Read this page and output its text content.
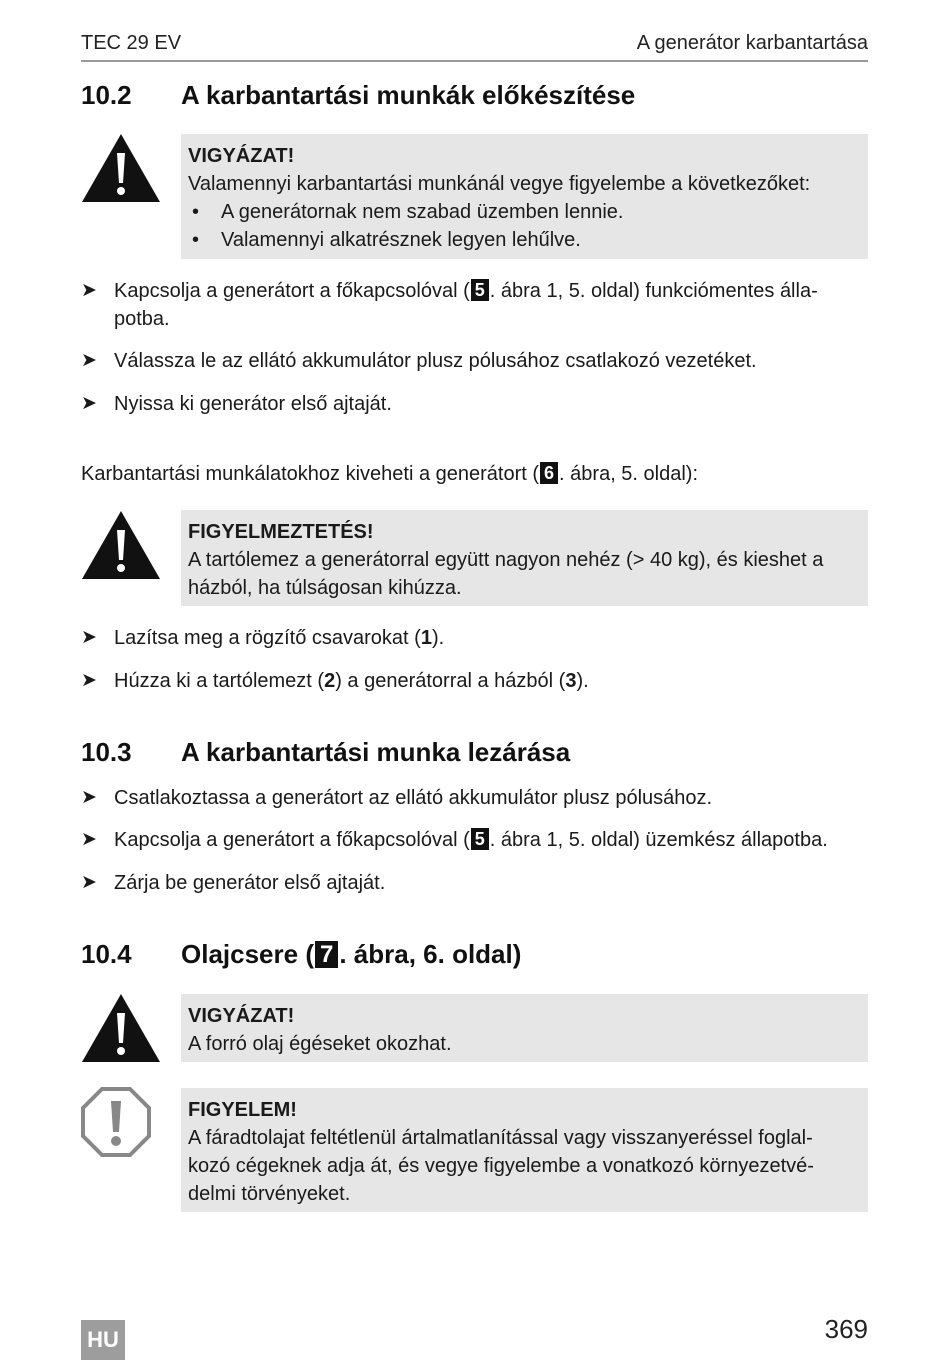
TEC 29 EV	A generátor karbantartása
10.2 A karbantartási munkák előkészítése
VIGYÁZAT!
Valamennyi karbantartási munkánál vegye figyelembe a következőket:
• A generátornak nem szabad üzemben lennie.
• Valamennyi alkatrésznek legyen lehűlve.
➤ Kapcsolja a generátort a főkapcsolóval ( 5 . ábra 1, 5. oldal) funkciómentes álla-
potba.
➤ Válassza le az ellátó akkumulátor plusz pólusához csatlakozó vezetéket.
➤ Nyissa ki generátor első ajtaját.
Karbantartási munkálatokhoz kiveheti a generátort ( 6 . ábra, 5. oldal):
FIGYELMEZTETÉS!
A tartólemez a generátorral együtt nagyon nehéz (> 40 kg), és kieshet a
házból, ha túlságosan kihúzza.
➤ Lazítsa meg a rögzítő csavarokat (1).
➤ Húzza ki a tartólemezt (2) a generátorral a házból (3).
10.3 A karbantartási munka lezárása
➤ Csatlakoztassa a generátort az ellátó akkumulátor plusz pólusához.
➤ Kapcsolja a generátort a főkapcsolóval ( 5 . ábra 1, 5. oldal) üzemkész állapotba.
➤ Zárja be generátor első ajtaját.
10.4 Olajcsere ( 7 . ábra, 6. oldal)
VIGYÁZAT!
A forró olaj égéseket okozhat.
FIGYELEM!
A fáradtolajat feltétlenül ártalmatlanítással vagy visszanyeréssel foglal-
kozó cégeknek adja át, és vegye figyelembe a vonatkozó környezetvé-
delmi törvényeket.
HU	369
